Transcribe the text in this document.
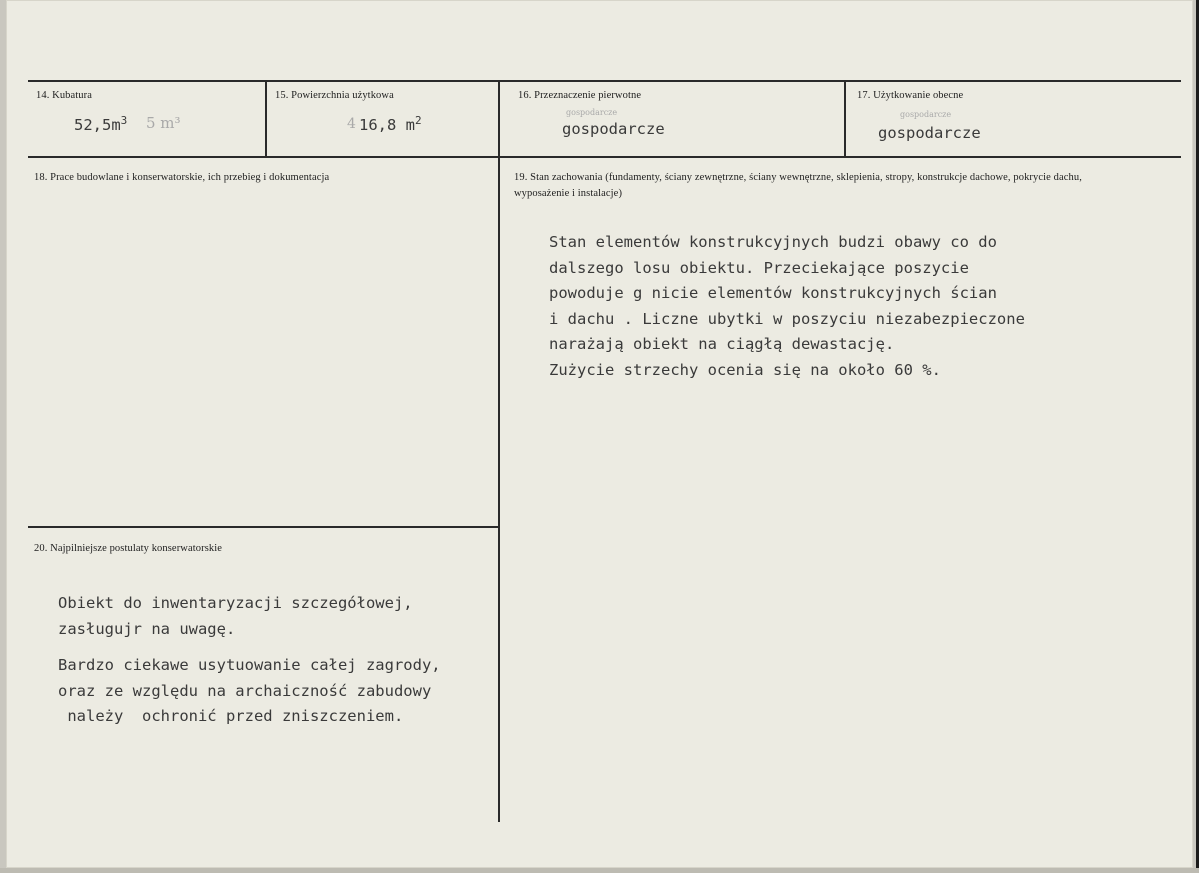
14. Kubatura
$52,5m^3$ 5 m³
15. Powierzchnia użytkowa
4 16,8 $m^2$
16. Przeznaczenie pierwotne
gospodarcze
gospodarcze
17. Użytkowanie obecne
gospodarcze
gospodarcze
18. Prace budowlane i konserwatorskie, ich przebieg i dokumentacja	19. Stan zachowania (fundamenty, ściany zewnętrzne, ściany wewnętrzne, sklepienia, stropy, konstrukcje dachowe, pokrycie dachu, wyposażenie i instalacje)
Stan elementów konstrukcyjnych budzi obawy co do
dalszego losu obiektu. Przeciekające poszycie
powoduje g nicie elementów konstrukcyjnych ścian
i dachu . Liczne ubytki w poszyciu niezabezpieczone
narażają obiekt na ciągłą dewastację.
Zużycie strzechy ocenia się na około 60 %.
20. Najpilniejsze postulaty konserwatorskie
Obiekt do inwentaryzacji szczegółowej,
zasługujr na uwagę.
Bardzo ciekawe usytuowanie całej zagrody,
oraz ze względu na archaiczność zabudowy
należy  ochronić przed zniszczeniem.
